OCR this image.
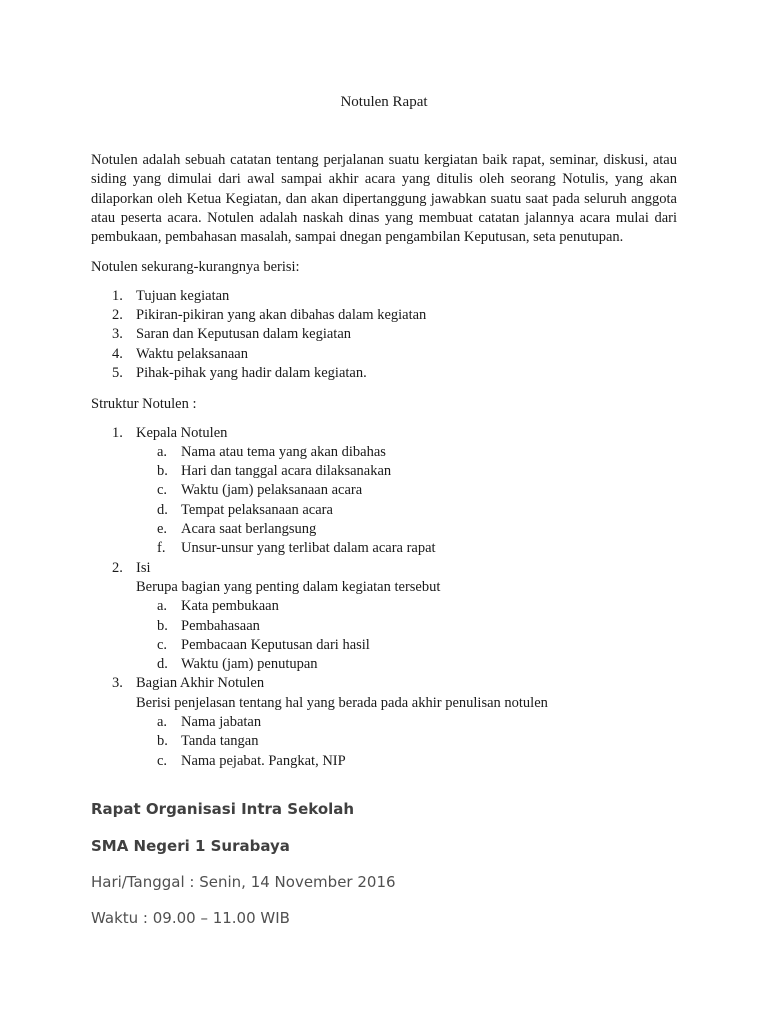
Notulen Rapat

Notulen adalah sebuah catatan tentang perjalanan suatu kergiatan baik rapat, seminar, diskusi, atau siding yang dimulai dari awal sampai akhir acara yang ditulis oleh seorang Notulis, yang akan dilaporkan oleh Ketua Kegiatan, dan akan dipertanggung jawabkan suatu saat pada seluruh anggota atau peserta acara. Notulen adalah naskah dinas yang membuat catatan jalannya acara mulai dari pembukaan, pembahasan masalah, sampai dnegan pengambilan Keputusan, seta penutupan.

Notulen sekurang-kurangnya berisi:

1. Tujuan kegiatan
2. Pikiran-pikiran yang akan dibahas dalam kegiatan
3. Saran dan Keputusan dalam kegiatan
4. Waktu pelaksanaan
5. Pihak-pihak yang hadir dalam kegiatan.

Struktur Notulen :

1. Kepala Notulen
a. Nama atau tema yang akan dibahas
b. Hari dan tanggal acara dilaksanakan
c. Waktu (jam) pelaksanaan acara
d. Tempat pelaksanaan acara
e. Acara saat berlangsung
f.	Unsur-unsur yang terlibat dalam acara rapat
2. Isi
Berupa bagian yang penting dalam kegiatan tersebut
a. Kata pembukaan
b. Pembahasaan
c. Pembacaan Keputusan dari hasil
d. Waktu (jam) penutupan
3. Bagian Akhir Notulen
Berisi penjelasan tentang hal yang berada pada akhir penulisan notulen
a. Nama jabatan
b. Tanda tangan
c. Nama pejabat. Pangkat, NIP

Rapat Organisasi Intra Sekolah

SMA Negeri 1 Surabaya

Hari/Tanggal : Senin, 14 November 2016

Waktu : 09.00 – 11.00 WIB
